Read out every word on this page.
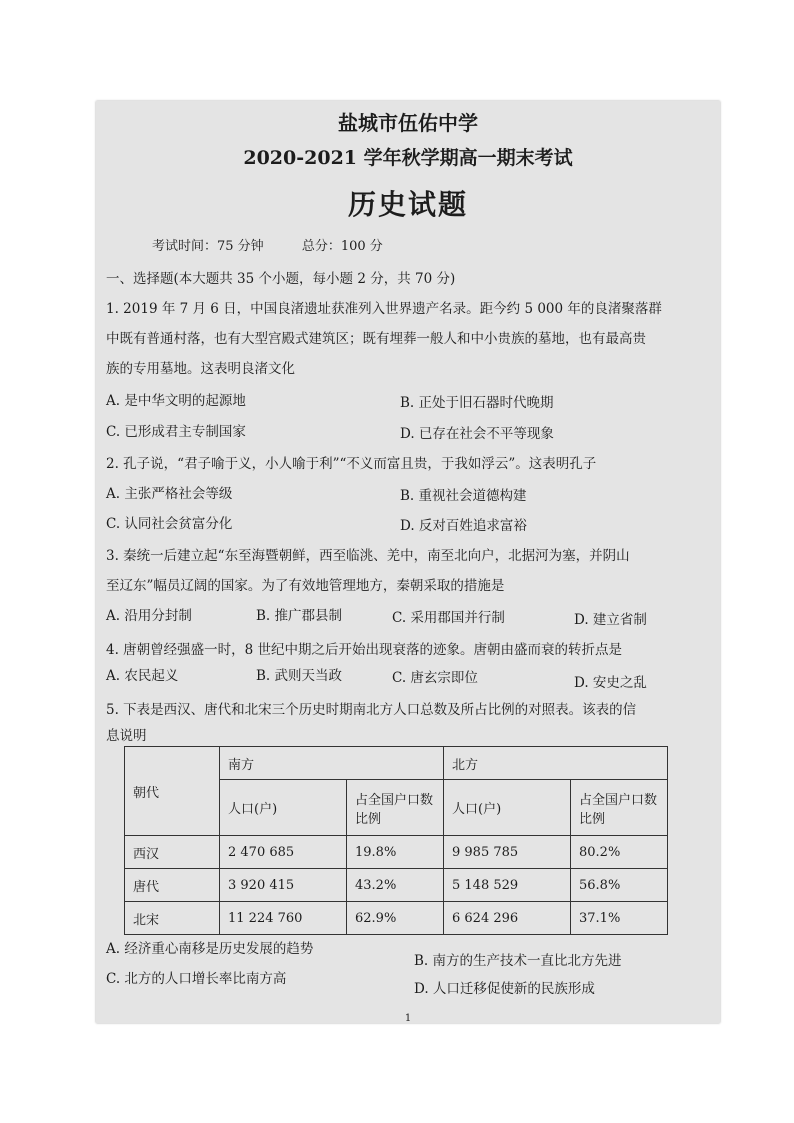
盐城市伍佑中学
2020-2021 学年秋学期高一期末考试
历史试题
考试时间：75 分钟	总分：100 分
一、选择题(本大题共 35 个小题，每小题 2 分，共 70 分)
1. 2019 年 7 月 6 日，中国良渚遗址获准列入世界遗产名录。距今约 5 000 年的良渚聚落群
中既有普通村落，也有大型宫殿式建筑区；既有埋葬一般人和中小贵族的墓地，也有最高贵
族的专用墓地。这表明良渚文化
A. 是中华文明的起源地	B. 正处于旧石器时代晚期
C. 已形成君主专制国家	D. 已存在社会不平等现象
2. 孔子说，“君子喻于义，小人喻于利”“不义而富且贵，于我如浮云”。这表明孔子
A. 主张严格社会等级	B. 重视社会道德构建
C. 认同社会贫富分化	D. 反对百姓追求富裕
3. 秦统一后建立起“东至海暨朝鲜，西至临洮、羌中，南至北向户，北据河为塞，并阴山
至辽东”幅员辽阔的国家。为了有效地管理地方，秦朝采取的措施是
A. 沿用分封制	B. 推广郡县制	C. 采用郡国并行制	D. 建立省制
4. 唐朝曾经强盛一时，8 世纪中期之后开始出现衰落的迹象。唐朝由盛而衰的转折点是
A. 农民起义	B. 武则天当政	C. 唐玄宗即位	D. 安史之乱
5. 下表是西汉、唐代和北宋三个历史时期南北方人口总数及所占比例的对照表。该表的信
息说明
朝代	南方		北方	
	人口(户)	占全国户口数比例	人口(户)	占全国户口数比例
西汉	2 470 685	19.8%	9 985 785	80.2%
唐代	3 920 415	43.2%	5 148 529	56.8%
北宋	11 224 760	62.9%	6 624 296	37.1%
A. 经济重心南移是历史发展的趋势
B. 南方的生产技术一直比北方先进
C. 北方的人口增长率比南方高
D. 人口迁移促使新的民族形成
1
